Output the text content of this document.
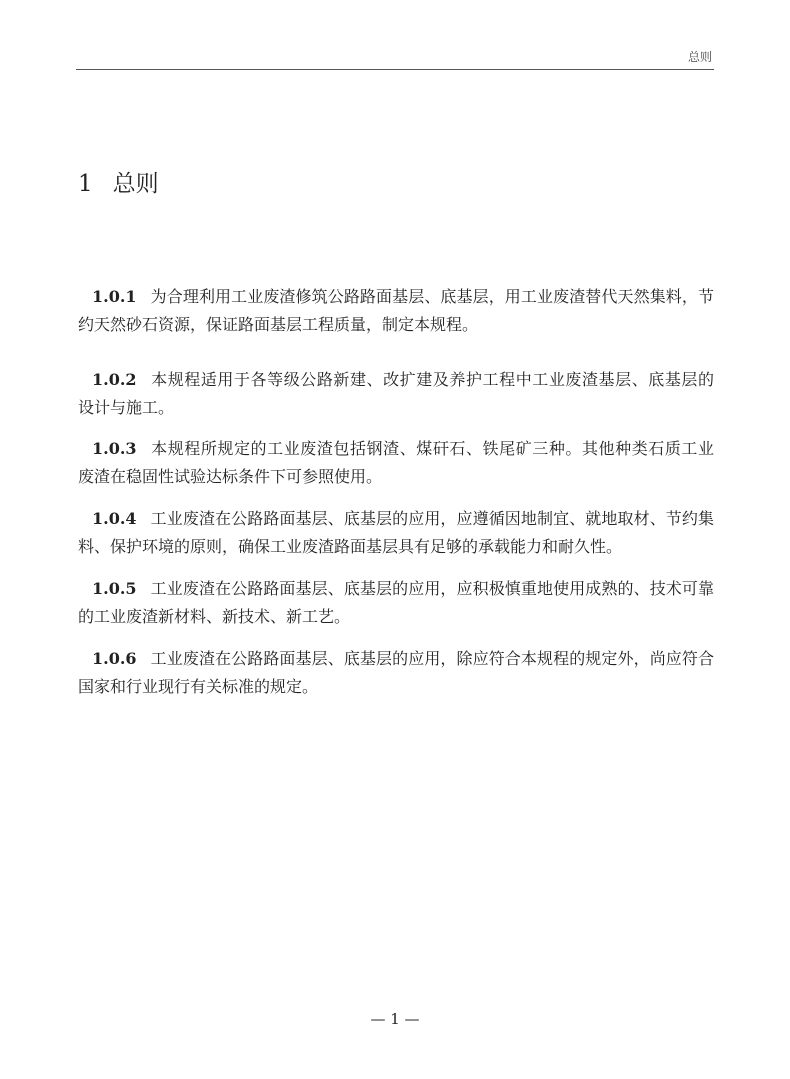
总则
1 总则
1.0.1 为合理利用工业废渣修筑公路路面基层、底基层，用工业废渣替代天然集料，节
约天然砂石资源，保证路面基层工程质量，制定本规程。
1.0.2 本规程适用于各等级公路新建、改扩建及养护工程中工业废渣基层、底基层的
设计与施工。
1.0.3 本规程所规定的工业废渣包括钢渣、煤矸石、铁尾矿三种。其他种类石质工业
废渣在稳固性试验达标条件下可参照使用。
1.0.4 工业废渣在公路路面基层、底基层的应用，应遵循因地制宜、就地取材、节约集
料、保护环境的原则，确保工业废渣路面基层具有足够的承载能力和耐久性。
1.0.5 工业废渣在公路路面基层、底基层的应用，应积极慎重地使用成熟的、技术可靠
的工业废渣新材料、新技术、新工艺。
1.0.6 工业废渣在公路路面基层、底基层的应用，除应符合本规程的规定外，尚应符合
国家和行业现行有关标准的规定。
— 1 —
